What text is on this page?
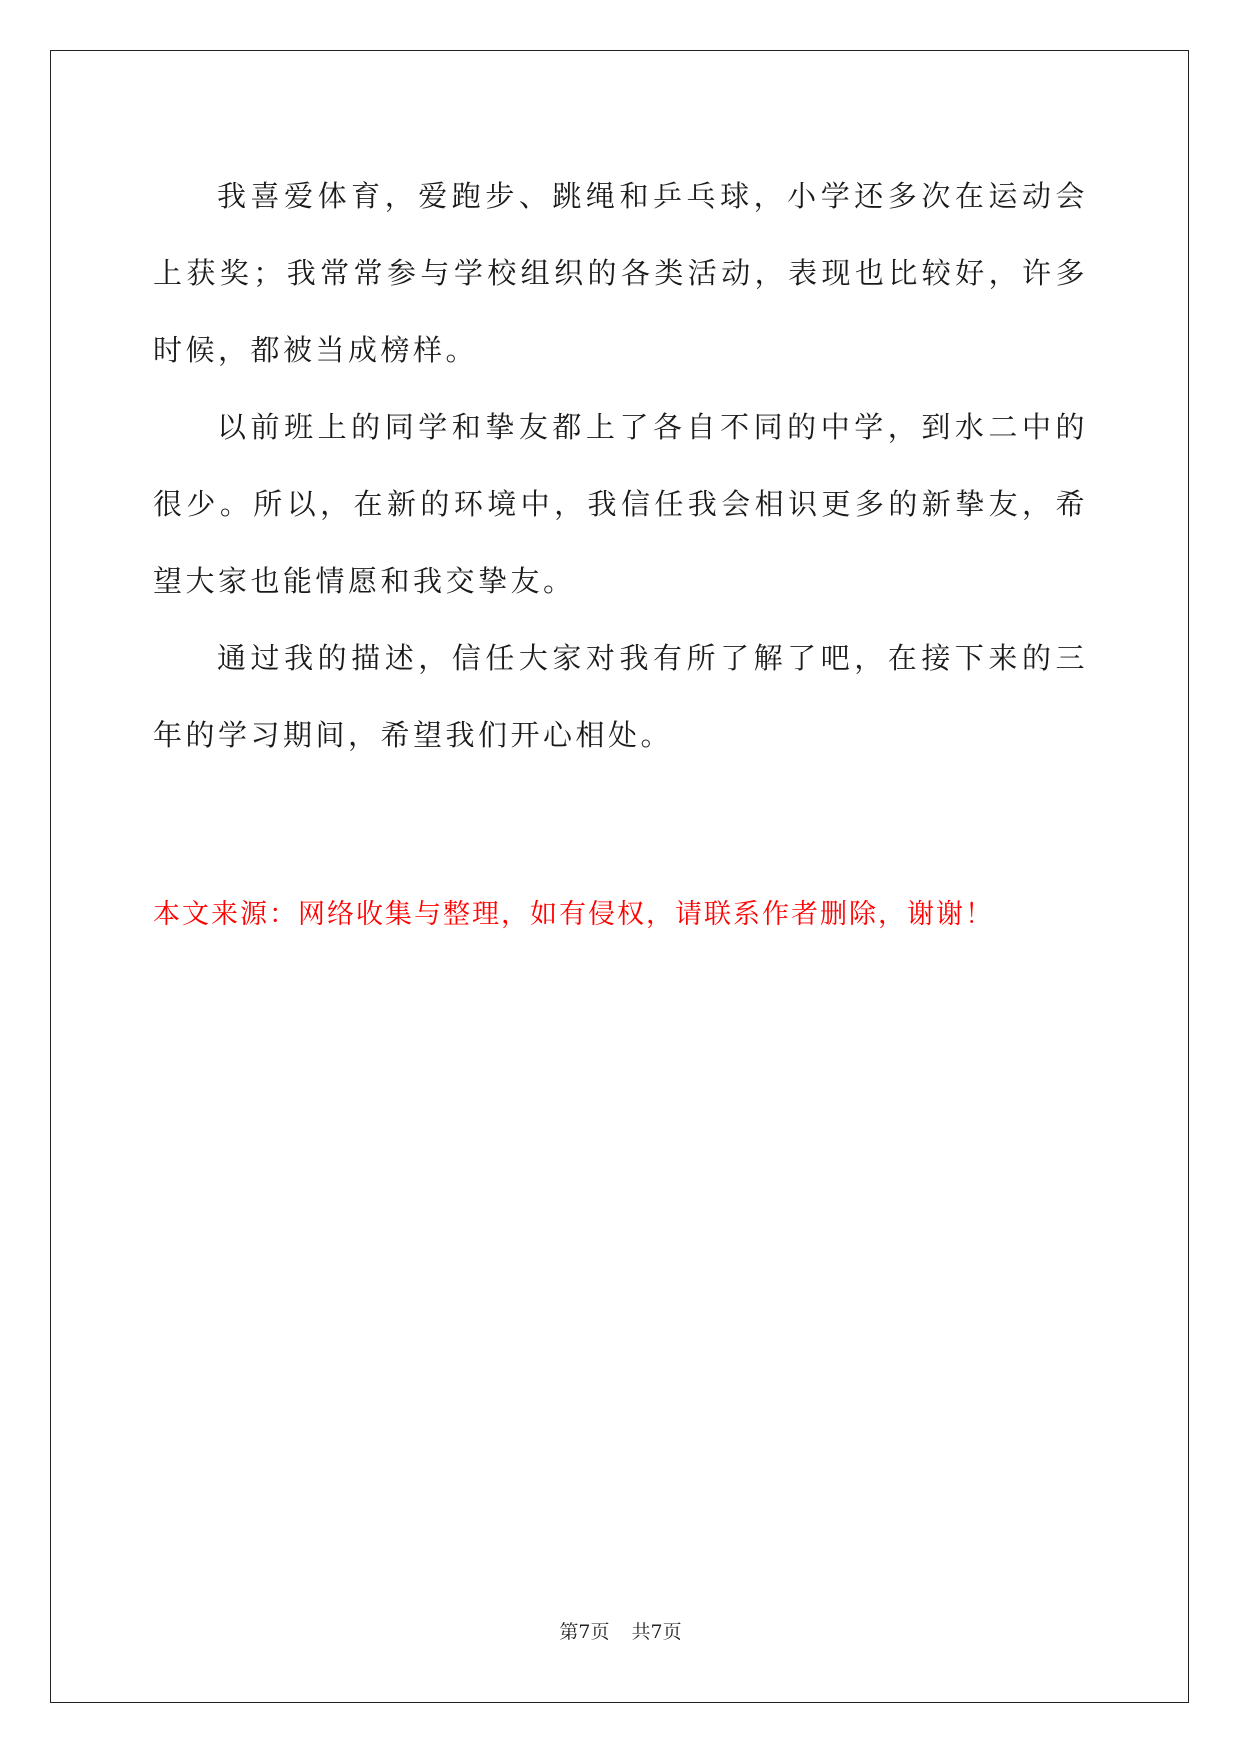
我喜爱体育，爱跑步、跳绳和乒乓球，小学还多次在运动会上获奖；我常常参与学校组织的各类活动，表现也比较好，许多时候，都被当成榜样。

以前班上的同学和挚友都上了各自不同的中学，到水二中的很少。所以，在新的环境中，我信任我会相识更多的新挚友，希望大家也能情愿和我交挚友。

通过我的描述，信任大家对我有所了解了吧，在接下来的三年的学习期间，希望我们开心相处。

本文来源：网络收集与整理，如有侵权，请联系作者删除，谢谢！

第7页 共7页
